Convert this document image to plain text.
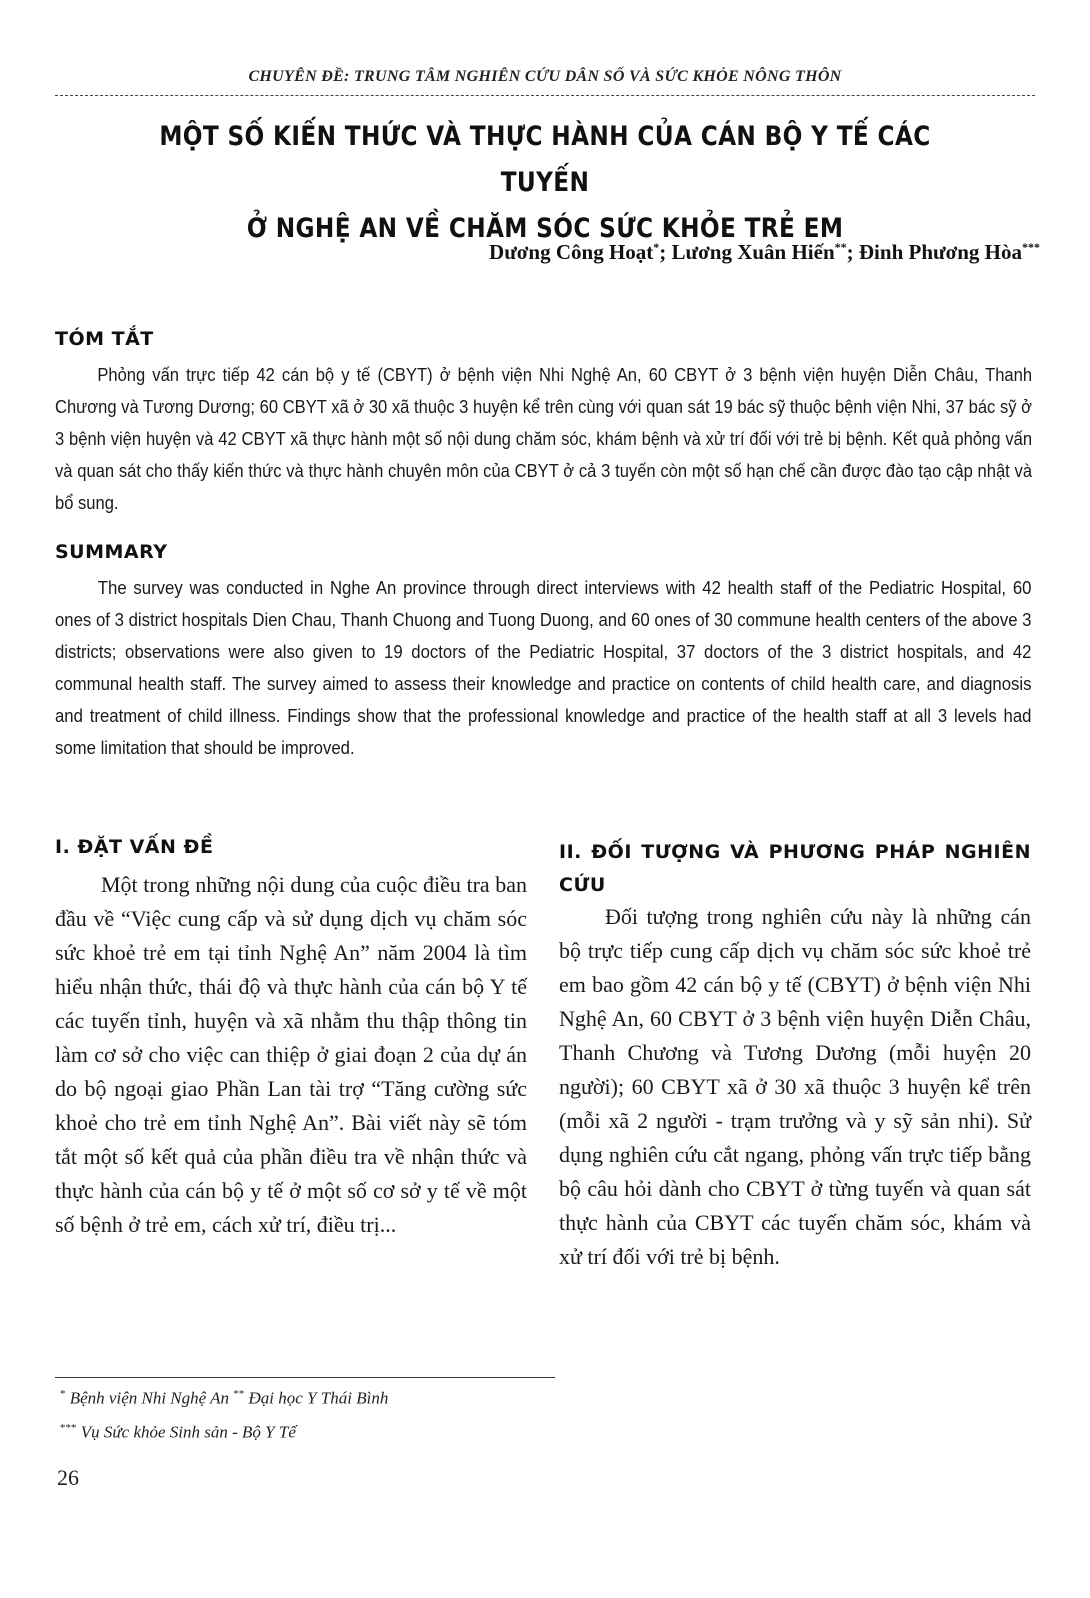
CHUYÊN ĐỀ: TRUNG TÂM NGHIÊN CỨU DÂN SỐ VÀ SỨC KHỎE NÔNG THÔN
MỘT SỐ KIẾN THỨC VÀ THỰC HÀNH CỦA CÁN BỘ Y TẾ CÁC TUYẾN
Ở NGHỆ AN VỀ CHĂM SÓC SỨC KHỎE TRẺ EM
Dương Công Hoạt*; Lương Xuân Hiến**; Đinh Phương Hòa***
TÓM TẮT
Phỏng vấn trực tiếp 42 cán bộ y tế (CBYT) ở bệnh viện Nhi Nghệ An, 60 CBYT ở 3 bệnh viện huyện Diễn Châu, Thanh Chương và Tương Dương; 60 CBYT xã ở 30 xã thuộc 3 huyện kể trên cùng với quan sát 19 bác sỹ thuộc bệnh viện Nhi, 37 bác sỹ ở 3 bệnh viện huyện và 42 CBYT xã thực hành một số nội dung chăm sóc, khám bệnh và xử trí đối với trẻ bị bệnh. Kết quả phỏng vấn và quan sát cho thấy kiến thức và thực hành chuyên môn của CBYT ở cả 3 tuyến còn một số hạn chế cần được đào tạo cập nhật và bổ sung.
SUMMARY
The survey was conducted in Nghe An province through direct interviews with 42 health staff of the Pediatric Hospital, 60 ones of 3 district hospitals Dien Chau, Thanh Chuong and Tuong Duong, and 60 ones of 30 commune health centers of the above 3 districts; observations were also given to 19 doctors of the Pediatric Hospital, 37 doctors of the 3 district hospitals, and 42 communal health staff. The survey aimed to assess their knowledge and practice on contents of child health care, and diagnosis and treatment of child illness. Findings show that the professional knowledge and practice of the health staff at all 3 levels had some limitation that should be improved.
I. ĐẶT VẤN ĐỀ
Một trong những nội dung của cuộc điều tra ban đầu về “Việc cung cấp và sử dụng dịch vụ chăm sóc sức khoẻ trẻ em tại tỉnh Nghệ An” năm 2004 là tìm hiểu nhận thức, thái độ và thực hành của cán bộ Y tế các tuyến tỉnh, huyện và xã nhằm thu thập thông tin làm cơ sở cho việc can thiệp ở giai đoạn 2 của dự án do bộ ngoại giao Phần Lan tài trợ “Tăng cường sức khoẻ cho trẻ em tỉnh Nghệ An”. Bài viết này sẽ tóm tắt một số kết quả của phần điều tra về nhận thức và thực hành của cán bộ y tế ở một số cơ sở y tế về một số bệnh ở trẻ em, cách xử trí, điều trị...
II. ĐỐI TƯỢNG VÀ PHƯƠNG PHÁP NGHIÊN CỨU
Đối tượng trong nghiên cứu này là những cán bộ trực tiếp cung cấp dịch vụ chăm sóc sức khoẻ trẻ em bao gồm 42 cán bộ y tế (CBYT) ở bệnh viện Nhi Nghệ An, 60 CBYT ở 3 bệnh viện huyện Diễn Châu, Thanh Chương và Tương Dương (mỗi huyện 20 người); 60 CBYT xã ở 30 xã thuộc 3 huyện kể trên (mỗi xã 2 người - trạm trưởng và y sỹ sản nhi). Sử dụng nghiên cứu cắt ngang, phỏng vấn trực tiếp bằng bộ câu hỏi dành cho CBYT ở từng tuyến và quan sát thực hành của CBYT các tuyến chăm sóc, khám và xử trí đối với trẻ bị bệnh.
* Bệnh viện Nhi Nghệ An ** Đại học Y Thái Bình
*** Vụ Sức khỏe Sinh sản - Bộ Y Tế
26
